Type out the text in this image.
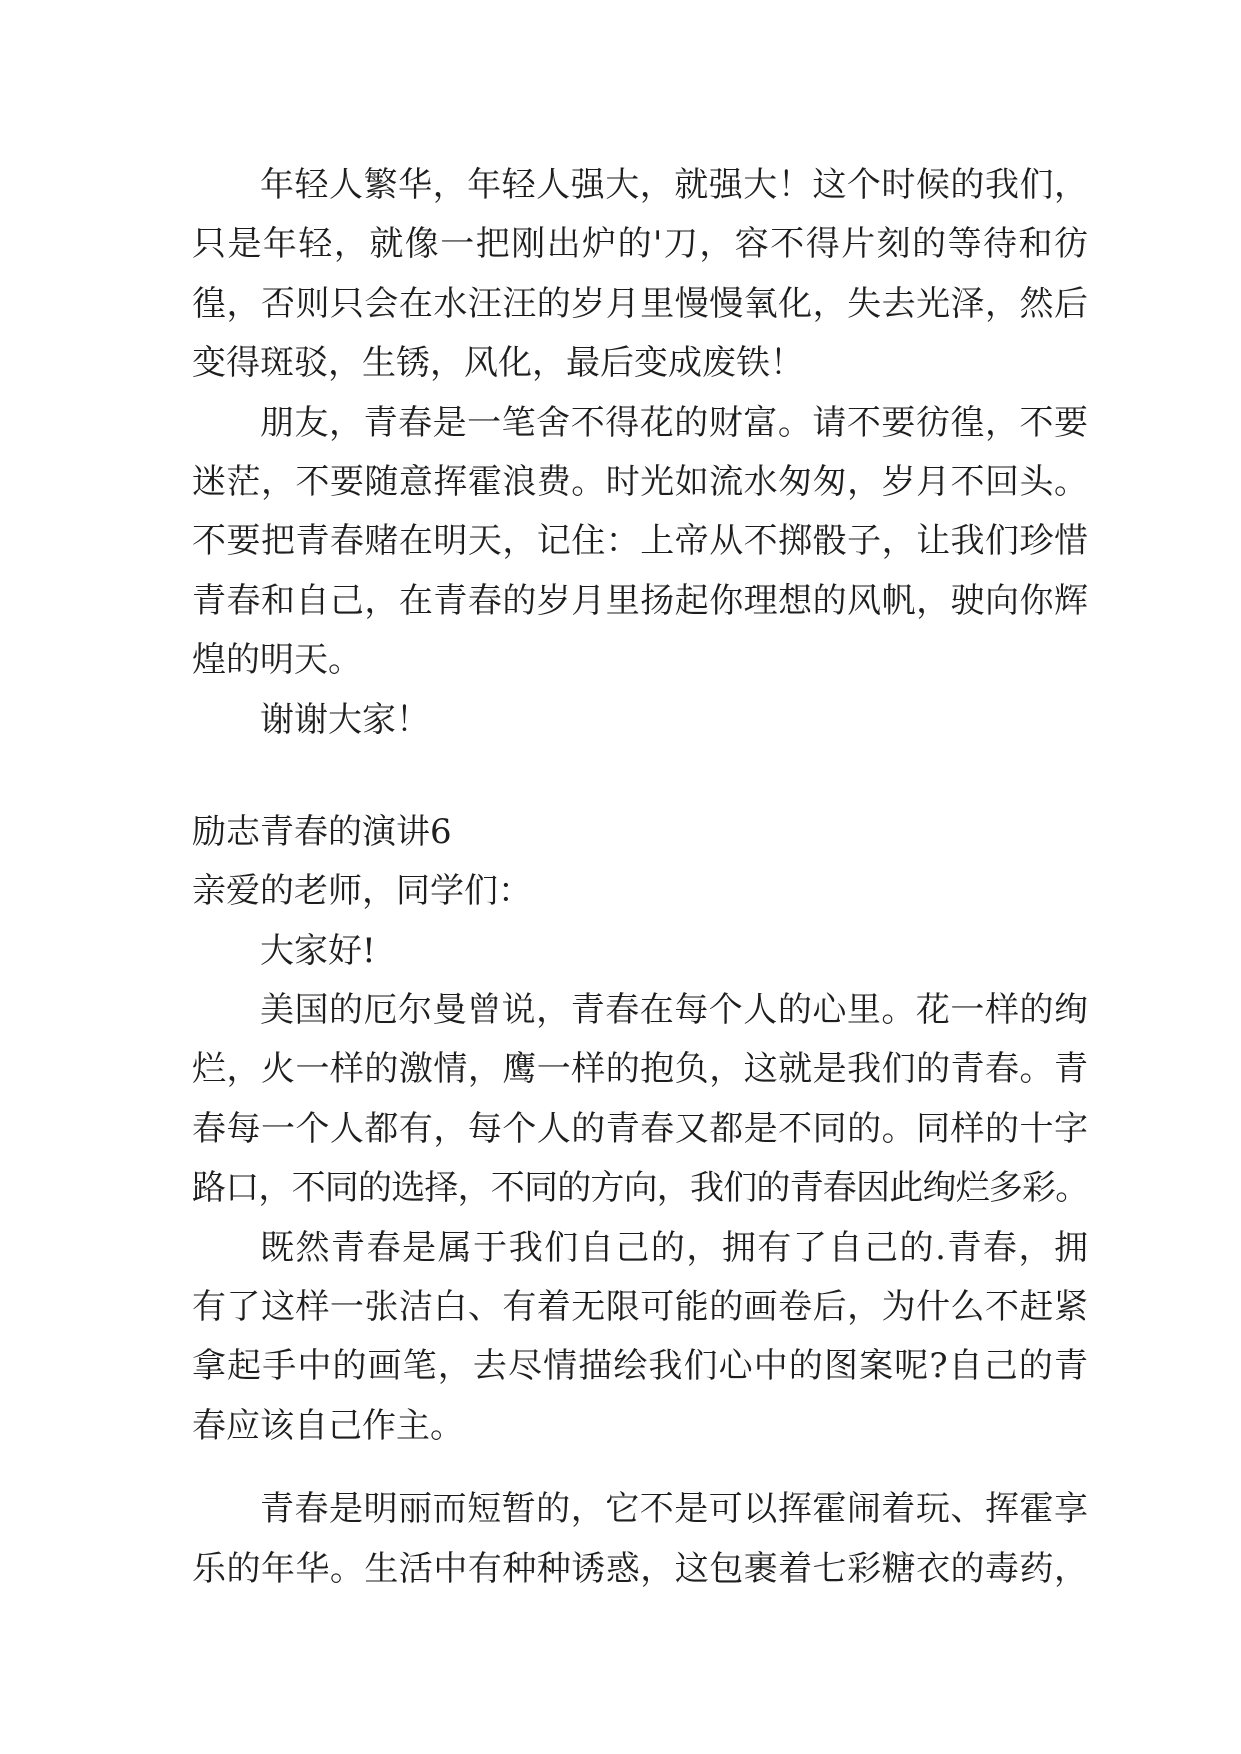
年轻人繁华，年轻人强大，就强大！这个时候的我们，
只是年轻，就像一把刚出炉的'刀，容不得片刻的等待和彷
徨，否则只会在水汪汪的岁月里慢慢氧化，失去光泽，然后
变得斑驳，生锈，风化，最后变成废铁！
朋友，青春是一笔舍不得花的财富。请不要彷徨，不要
迷茫，不要随意挥霍浪费。时光如流水匆匆，岁月不回头。
不要把青春赌在明天，记住：上帝从不掷骰子，让我们珍惜
青春和自己，在青春的岁月里扬起你理想的风帆，驶向你辉
煌的明天。
谢谢大家！
励志青春的演讲6
亲爱的老师，同学们：
大家好!
美国的厄尔曼曾说，青春在每个人的心里。花一样的绚
烂，火一样的激情，鹰一样的抱负，这就是我们的青春。青
春每一个人都有，每个人的青春又都是不同的。同样的十字
路口，不同的选择，不同的方向，我们的青春因此绚烂多彩。
既然青春是属于我们自己的，拥有了自己的.青春，拥
有了这样一张洁白、有着无限可能的画卷后，为什么不赶紧
拿起手中的画笔，去尽情描绘我们心中的图案呢?自己的青
春应该自己作主。
青春是明丽而短暂的，它不是可以挥霍闹着玩、挥霍享
乐的年华。生活中有种种诱惑，这包裹着七彩糖衣的毒药，
